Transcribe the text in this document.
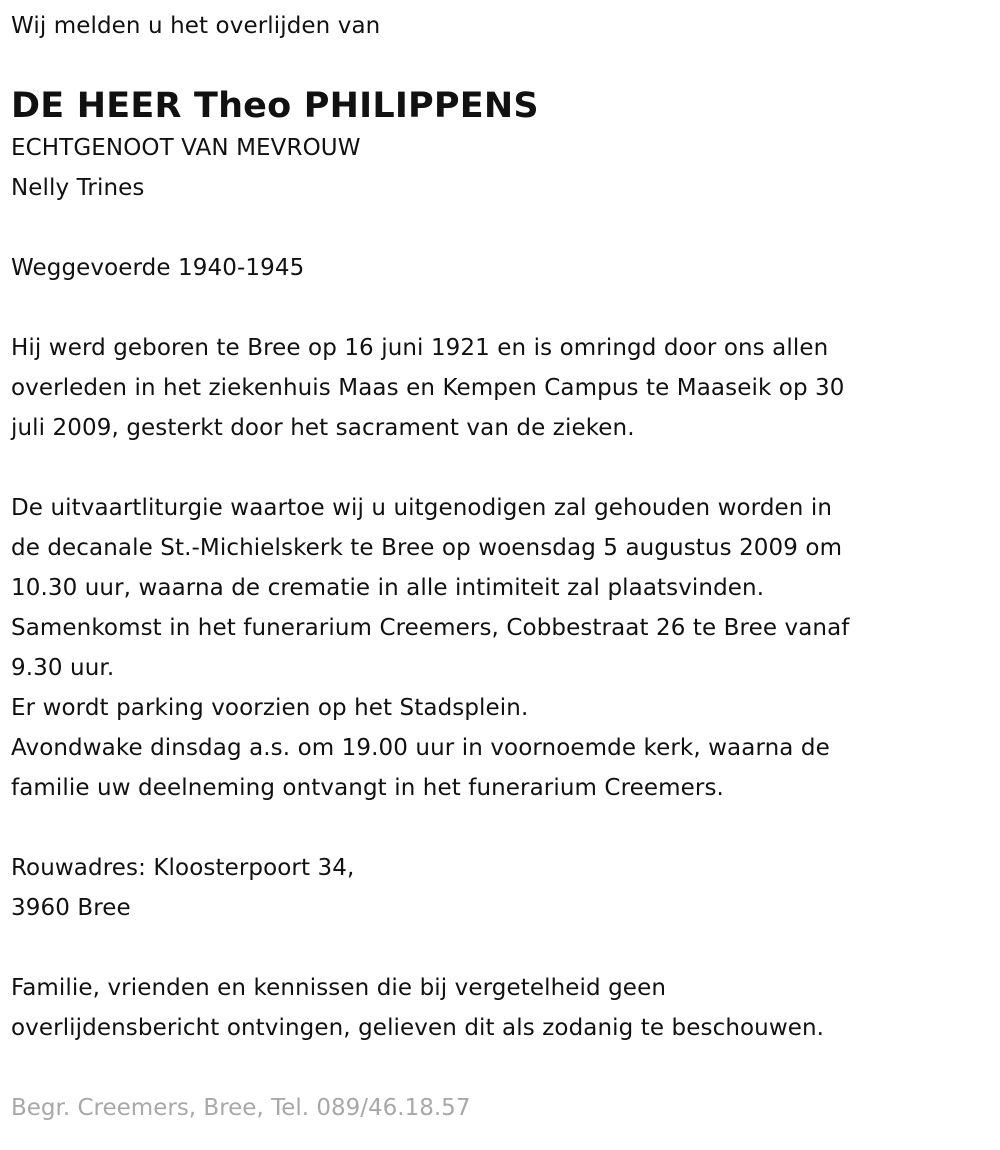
Wij melden u het overlijden van
DE HEER Theo PHILIPPENS
ECHTGENOOT VAN MEVROUW
Nelly Trines
Weggevoerde 1940-1945
Hij werd geboren te Bree op 16 juni 1921 en is omringd door ons allen
overleden in het ziekenhuis Maas en Kempen Campus te Maaseik op 30
juli 2009, gesterkt door het sacrament van de zieken.
De uitvaartliturgie waartoe wij u uitgenodigen zal gehouden worden in
de decanale St.-Michielskerk te Bree op woensdag 5 augustus 2009 om
10.30 uur, waarna de crematie in alle intimiteit zal plaatsvinden.
Samenkomst in het funerarium Creemers, Cobbestraat 26 te Bree vanaf
9.30 uur.
Er wordt parking voorzien op het Stadsplein.
Avondwake dinsdag a.s. om 19.00 uur in voornoemde kerk, waarna de
familie uw deelneming ontvangt in het funerarium Creemers.
Rouwadres: Kloosterpoort 34,
3960 Bree
Familie, vrienden en kennissen die bij vergetelheid geen
overlijdensbericht ontvingen, gelieven dit als zodanig te beschouwen.
Begr. Creemers, Bree, Tel. 089/46.18.57
